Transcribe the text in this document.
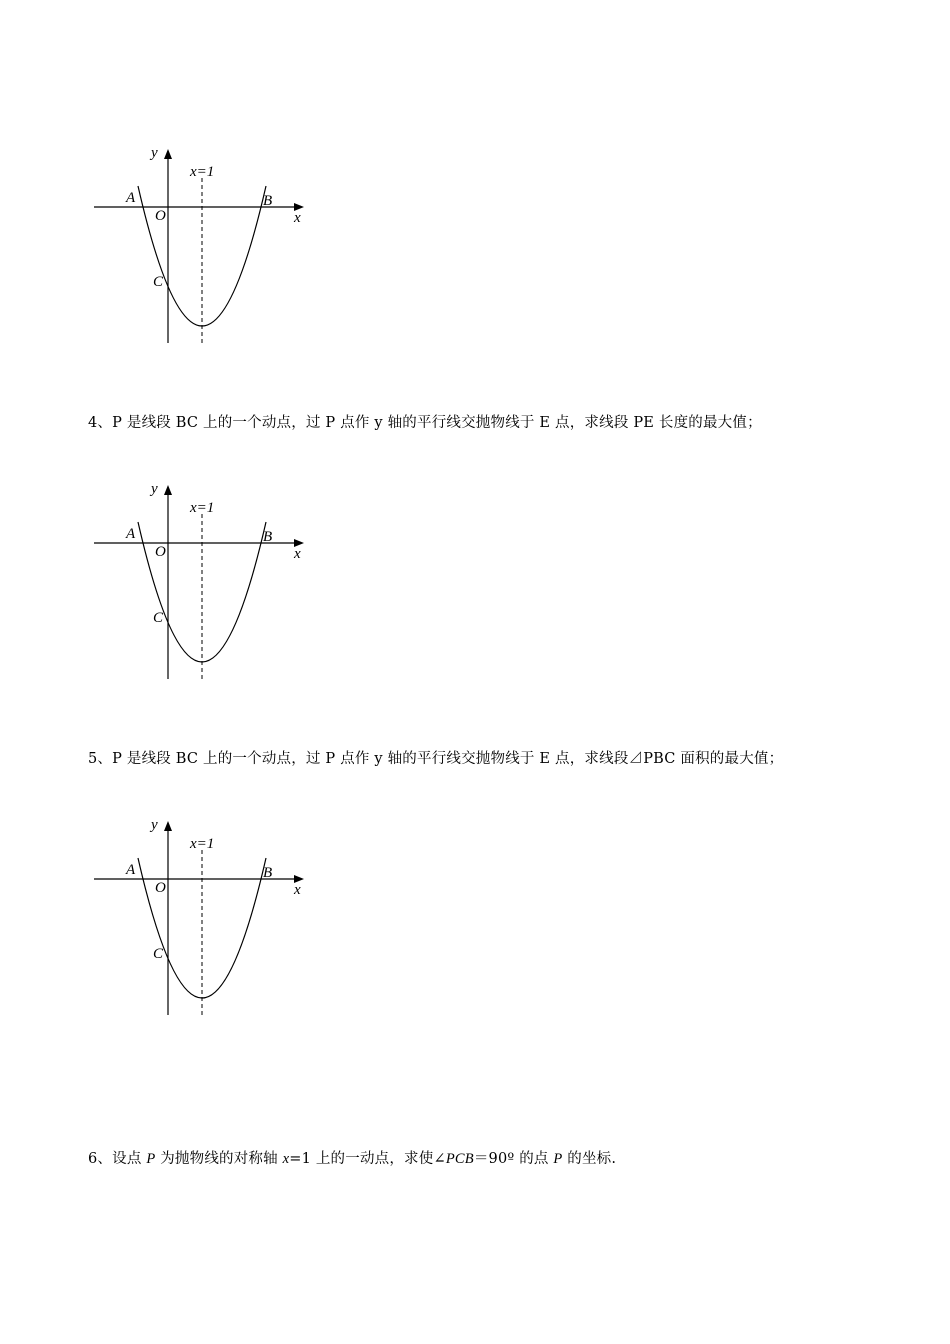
y
x=1
A	B
O	x
C
4、P 是线段 BC 上的一个动点，过 P 点作 y 轴的平行线交抛物线于 E 点，求线段 PE 长度的最大值；
y
x=1
A	B
O	x
C
5、P 是线段 BC 上的一个动点，过 P 点作 y 轴的平行线交抛物线于 E 点，求线段⊿PBC 面积的最大值；
y
x=1
A	B
O	x
C
6、设点 P 为抛物线的对称轴 x=1 上的一动点，求使∠PCB＝90º 的点 P 的坐标.
